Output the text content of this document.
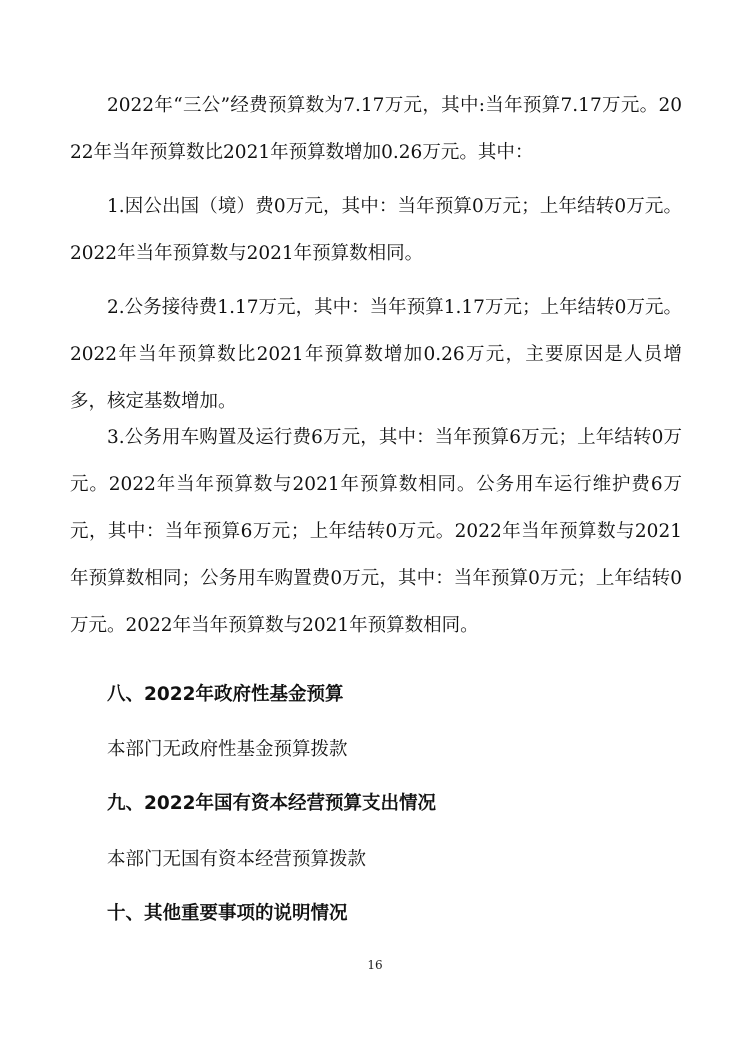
2022年“三公”经费预算数为7.17万元，其中:当年预算7.17万元。2022年当年预算数比2021年预算数增加0.26万元。其中：

1.因公出国（境）费0万元，其中：当年预算0万元；上年结转0万元。2022年当年预算数与2021年预算数相同。

2.公务接待费1.17万元，其中：当年预算1.17万元；上年结转0万元。2022年当年预算数比2021年预算数增加0.26万元，主要原因是人员增多，核定基数增加。

3.公务用车购置及运行费6万元，其中：当年预算6万元；上年结转0万元。2022年当年预算数与2021年预算数相同。公务用车运行维护费6万元，其中：当年预算6万元；上年结转0万元。2022年当年预算数与2021年预算数相同；公务用车购置费0万元，其中：当年预算0万元；上年结转0万元。2022年当年预算数与2021年预算数相同。

八、2022年政府性基金预算

本部门无政府性基金预算拨款

九、2022年国有资本经营预算支出情况

本部门无国有资本经营预算拨款

十、其他重要事项的说明情况
16
